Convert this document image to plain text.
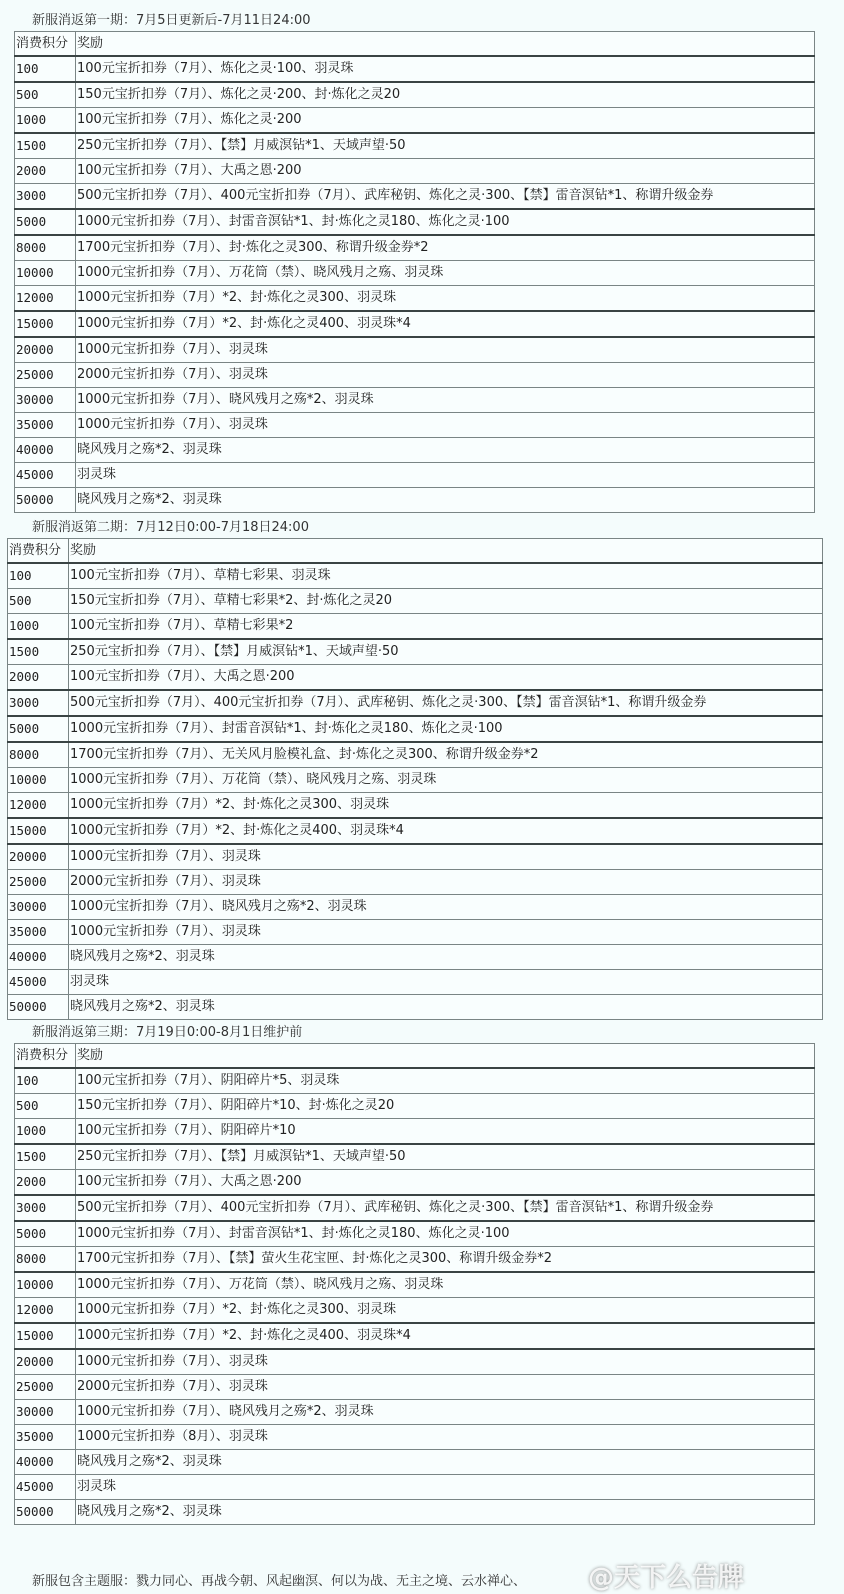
新服消返第一期：7月5日更新后-7月11日24:00
消费积分	奖励
100	100元宝折扣券（7月）、炼化之灵·100、羽灵珠
500	150元宝折扣券（7月）、炼化之灵·200、封·炼化之灵20
1000	100元宝折扣券（7月）、炼化之灵·200
1500	250元宝折扣券（7月）、【禁】月威溟钻*1、天域声望·50
2000	100元宝折扣券（7月）、大禹之恩·200
3000	500元宝折扣券（7月）、400元宝折扣券（7月）、武库秘钥、炼化之灵·300、【禁】雷音溟钻*1、称谓升级金券
5000	1000元宝折扣券（7月）、封雷音溟钻*1、封·炼化之灵180、炼化之灵·100
8000	1700元宝折扣券（7月）、封·炼化之灵300、称谓升级金券*2
10000	1000元宝折扣券（7月）、万花筒（禁）、晓风残月之殇、羽灵珠
12000	1000元宝折扣券（7月）*2、封·炼化之灵300、羽灵珠
15000	1000元宝折扣券（7月）*2、封·炼化之灵400、羽灵珠*4
20000	1000元宝折扣券（7月）、羽灵珠
25000	2000元宝折扣券（7月）、羽灵珠
30000	1000元宝折扣券（7月）、晓风残月之殇*2、羽灵珠
35000	1000元宝折扣券（7月）、羽灵珠
40000	晓风残月之殇*2、羽灵珠
45000	羽灵珠
50000	晓风残月之殇*2、羽灵珠
新服消返第二期：7月12日0:00-7月18日24:00
消费积分	奖励
100	100元宝折扣券（7月）、草精七彩果、羽灵珠
500	150元宝折扣券（7月）、草精七彩果*2、封·炼化之灵20
1000	100元宝折扣券（7月）、草精七彩果*2
1500	250元宝折扣券（7月）、【禁】月威溟钻*1、天域声望·50
2000	100元宝折扣券（7月）、大禹之恩·200
3000	500元宝折扣券（7月）、400元宝折扣券（7月）、武库秘钥、炼化之灵·300、【禁】雷音溟钻*1、称谓升级金券
5000	1000元宝折扣券（7月）、封雷音溟钻*1、封·炼化之灵180、炼化之灵·100
8000	1700元宝折扣券（7月）、无关风月脸模礼盒、封·炼化之灵300、称谓升级金券*2
10000	1000元宝折扣券（7月）、万花筒（禁）、晓风残月之殇、羽灵珠
12000	1000元宝折扣券（7月）*2、封·炼化之灵300、羽灵珠
15000	1000元宝折扣券（7月）*2、封·炼化之灵400、羽灵珠*4
20000	1000元宝折扣券（7月）、羽灵珠
25000	2000元宝折扣券（7月）、羽灵珠
30000	1000元宝折扣券（7月）、晓风残月之殇*2、羽灵珠
35000	1000元宝折扣券（7月）、羽灵珠
40000	晓风残月之殇*2、羽灵珠
45000	羽灵珠
50000	晓风残月之殇*2、羽灵珠
新服消返第三期：7月19日0:00-8月1日维护前
消费积分	奖励
100	100元宝折扣券（7月）、阴阳碎片*5、羽灵珠
500	150元宝折扣券（7月）、阴阳碎片*10、封·炼化之灵20
1000	100元宝折扣券（7月）、阴阳碎片*10
1500	250元宝折扣券（7月）、【禁】月威溟钻*1、天域声望·50
2000	100元宝折扣券（7月）、大禹之恩·200
3000	500元宝折扣券（7月）、400元宝折扣券（7月）、武库秘钥、炼化之灵·300、【禁】雷音溟钻*1、称谓升级金券
5000	1000元宝折扣券（7月）、封雷音溟钻*1、封·炼化之灵180、炼化之灵·100
8000	1700元宝折扣券（7月）、【禁】萤火生花宝匣、封·炼化之灵300、称谓升级金券*2
10000	1000元宝折扣券（7月）、万花筒（禁）、晓风残月之殇、羽灵珠
12000	1000元宝折扣券（7月）*2、封·炼化之灵300、羽灵珠
15000	1000元宝折扣券（7月）*2、封·炼化之灵400、羽灵珠*4
20000	1000元宝折扣券（7月）、羽灵珠
25000	2000元宝折扣券（7月）、羽灵珠
30000	1000元宝折扣券（7月）、晓风残月之殇*2、羽灵珠
35000	1000元宝折扣券（8月）、羽灵珠
40000	晓风残月之殇*2、羽灵珠
45000	羽灵珠
50000	晓风残月之殇*2、羽灵珠
新服包含主题服：戮力同心、再战今朝、风起幽溟、何以为战、无主之境、云水禅心、	@天下么告牌
